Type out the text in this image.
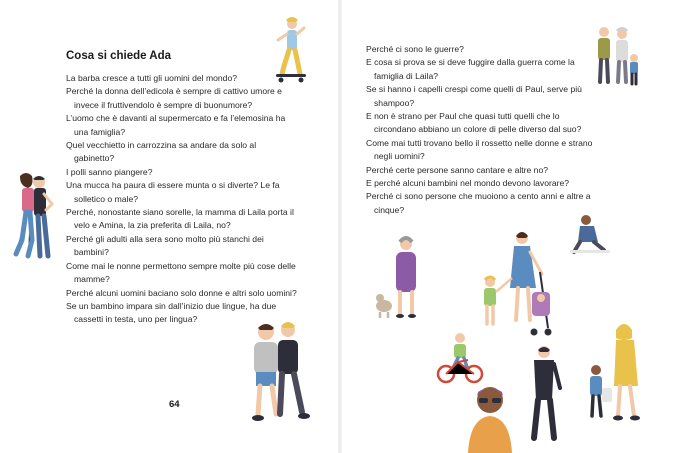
Cosa si chiede Ada
La barba cresce a tutti gli uomini del mondo?
Perché la donna dell’edicola è sempre di cattivo umore e invece il fruttivendolo è sempre di buonumore?
L’uomo che è davanti al supermercato e fa l’elemosina ha una famiglia?
Quel vecchietto in carrozzina sa andare da solo al gabinetto?
I polli sanno piangere?
Una mucca ha paura di essere munta o si diverte? Le fa solletico o male?
Perché, nonostante siano sorelle, la mamma di Laila porta il velo e Amina, la zia preferita di Laila, no?
Perché gli adulti alla sera sono molto più stanchi dei bambini?
Come mai le nonne permettono sempre molte più cose delle mamme?
Perché alcuni uomini baciano solo donne e altri solo uomini?
Se un bambino impara sin dall’inizio due lingue, ha due cassetti in testa, uno per lingua?
64
Perché ci sono le guerre?
E cosa si prova se si deve fuggire dalla guerra come la famiglia di Laila?
Se si hanno i capelli crespi come quelli di Paul, serve più shampoo?
E non è strano per Paul che quasi tutti quelli che lo circondano abbiano un colore di pelle diverso dal suo?
Come mai tutti trovano bello il rossetto nelle donne e strano negli uomini?
Perché certe persone sanno cantare e altre no?
E perché alcuni bambini nel mondo devono lavorare?
Perché ci sono persone che muoiono a cento anni e altre a cinque?
